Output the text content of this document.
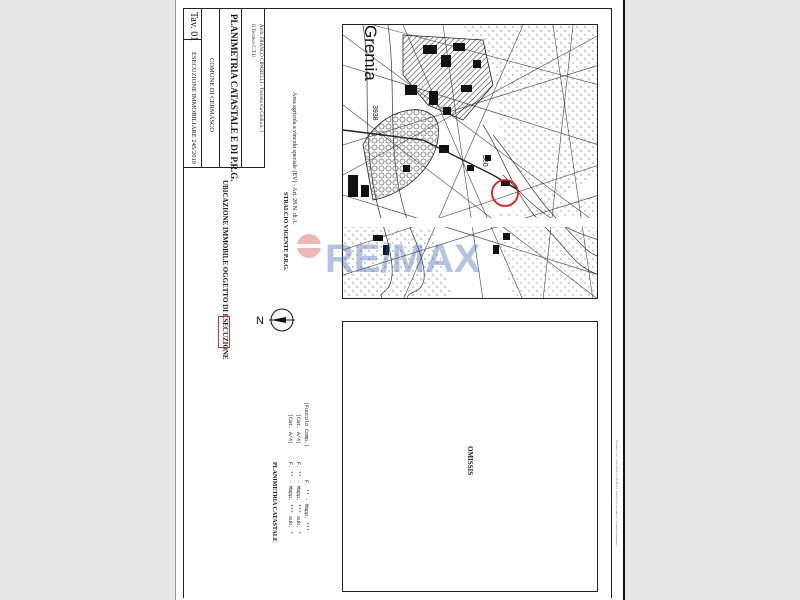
Tav. 01
ESECUZIONE IMMOBILIARE 245/2019 COMUNE DI CERMASCO PLANIMETRIA CATASTALE E DI P.R.G. Il Tecnico C.T.U. Arch. FRANCO CIPARELLI - Tortona via Giulia n. 1
UBICAZIONE IMMOBILE OGGETTO DI ESECUZIONE N
STRALCIO VIGENTE P.R.G.
Area agricola a vincolo speciale (EV) - Art. 28 N. di A.
Gremia
3938
360
RE/MAX
PLANIMETRIA CATASTALE F. ** - Mapp. *** sub. * F. ** - Mapp. *** sub. * F. ** - Mapp. ***
(Cat. A/4) (Cat. A/4) (Fuocolo Comp.)
OMISSIS	Il Tecnico C.T.U. - Arch. FRANCO CIPARELLI - Tortona (AL) via Giulia n. 1 - Esecuzione Immobiliare
